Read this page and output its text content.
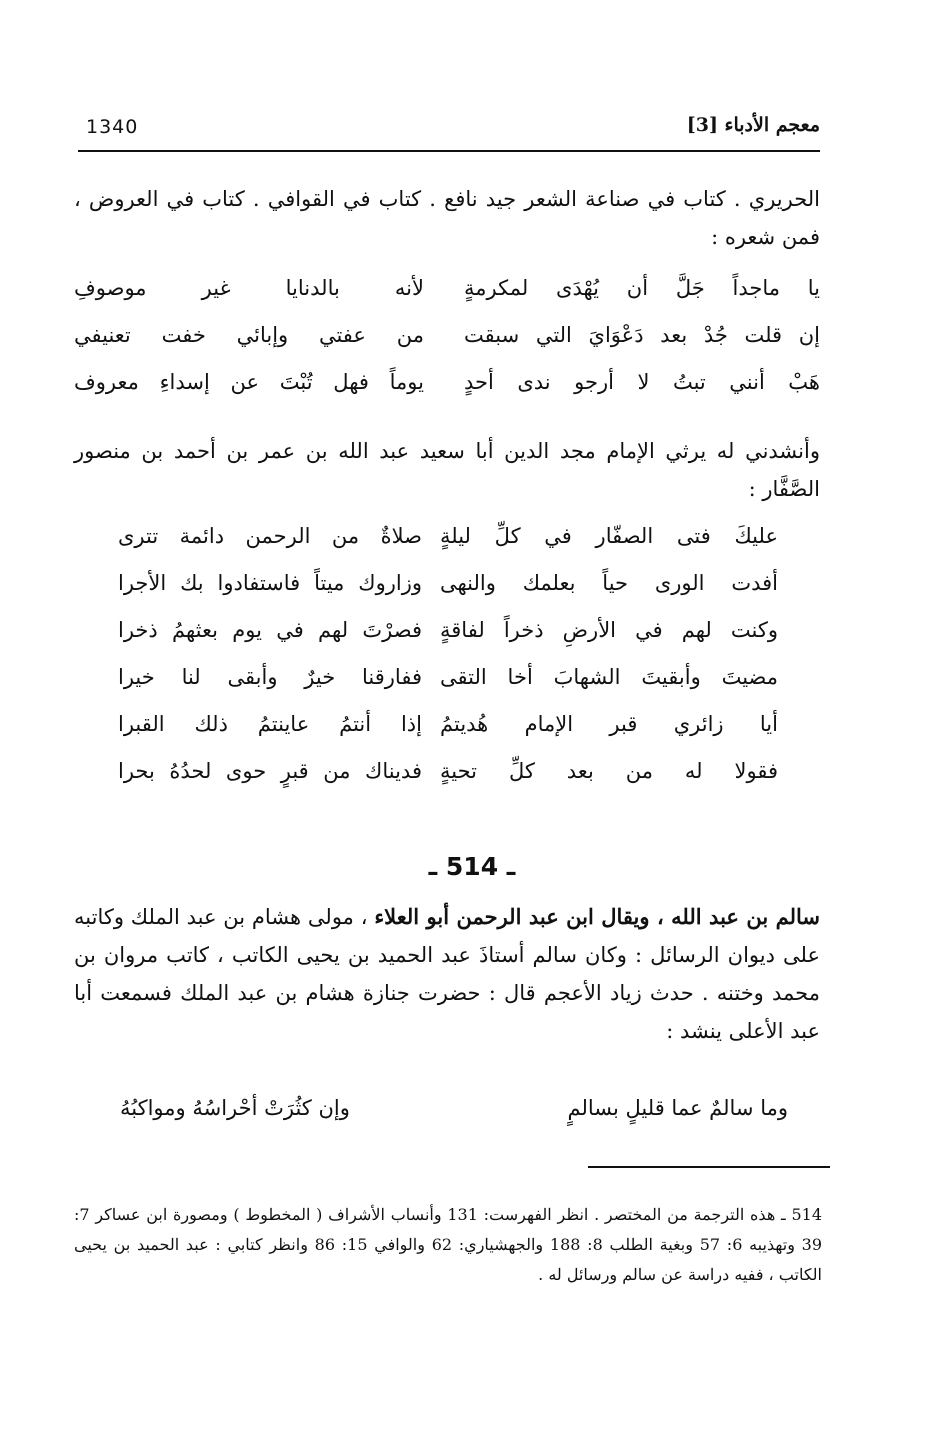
معجم الأدباء [3]
1340
الحريري . كتاب في صناعة الشعر جيد نافع . كتاب في القوافي . كتاب في العروض ، فمن شعره :
يا ماجداً جَلَّ أن يُهْدَى لمكرمةٍ
لأنه بالدنايا غير موصوفِ
إن قلت جُدْ بعد دَعْوَايَ التي سبقت
من عفتي وإبائي خفت تعنيفي
هَبْ أنني تبتُ لا أرجو ندى أحدٍ
يوماً فهل تُبْتَ عن إسداءِ معروف
وأنشدني له يرثي الإمام مجد الدين أبا سعيد عبد الله بن عمر بن أحمد بن منصور الصَّفَّار :
عليكَ فتى الصفّار في كلِّ ليلةٍ
صلاةٌ من الرحمن دائمة تترى
أفدت الورى حياً بعلمك والنهى
وزاروك ميتاً فاستفادوا بك الأجرا
وكنت لهم في الأرضِ ذخراً لفاقةٍ
فصرْتَ لهم في يوم بعثهمُ ذخرا
مضيتَ وأبقيتَ الشهابَ أخا التقى
ففارقنا خيرٌ وأبقى لنا خيرا
أيا زائري قبر الإمام هُديتمُ
إذا أنتمُ عاينتمُ ذلك القبرا
فقولا له من بعد كلِّ تحيةٍ
فديناك من قبرٍ حوى لحدُهُ بحرا
ـ 514 ـ
سالم بن عبد الله ، ويقال ابن عبد الرحمن أبو العلاء ، مولى هشام بن عبد الملك وكاتبه على ديوان الرسائل : وكان سالم أستاذَ عبد الحميد بن يحيى الكاتب ، كاتب مروان بن محمد وختنه . حدث زياد الأعجم قال : حضرت جنازة هشام بن عبد الملك فسمعت أبا عبد الأعلى ينشد :
وما سالمٌ عما قليلٍ بسالمٍ
وإن كثُرَتْ أحْراسُهُ ومواكبُهُ
514 ـ هذه الترجمة من المختصر . انظر الفهرست: 131 وأنساب الأشراف ( المخطوط ) ومصورة ابن عساكر 7: 39 وتهذيبه 6: 57 وبغية الطلب 8: 188 والجهشياري: 62 والوافي 15: 86 وانظر كتابي : عبد الحميد بن يحيى الكاتب ، ففيه دراسة عن سالم ورسائل له .
